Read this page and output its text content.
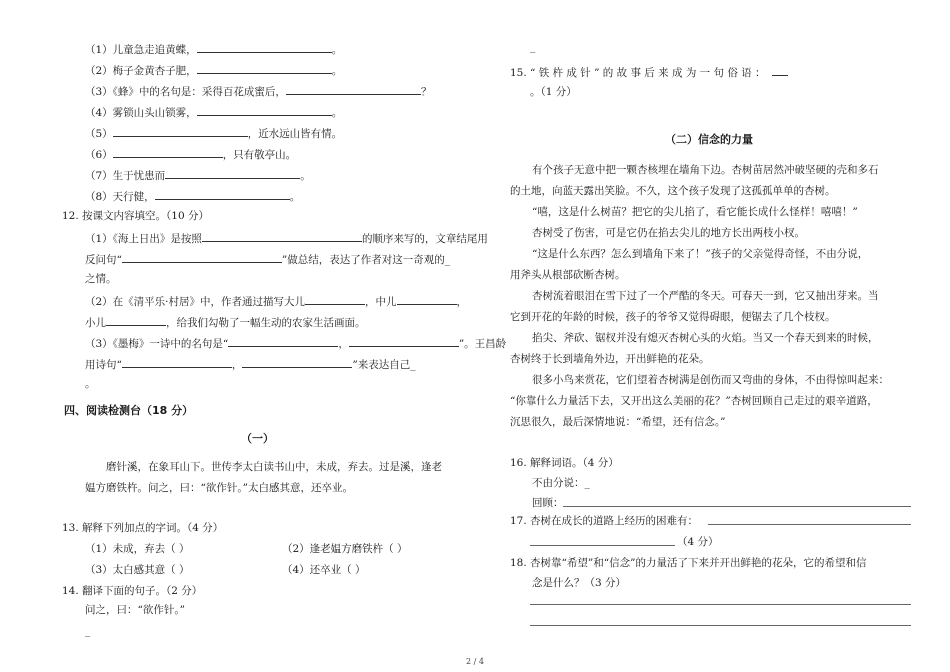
（1）儿童急走追黄蝶，	。
（2）梅子金黄杏子肥，	。
（3）《蜂》中的名句是：采得百花成蜜后，	？
（4）雾锁山头山锁雾，	。
（5）	，近水远山皆有情。
（6）	，只有敬亭山。
（7）生于忧患而	。
（8）天行健，	。
12. 按课文内容填空。（10 分）
（1）《海上日出》是按照	的顺序来写的，文章结尾用
反问句“	”做总结，表达了作者对这一奇观的_
之情。
（2）在《清平乐·村居》中，作者通过描写大儿	，中儿	，
小儿	，给我们勾勒了一幅生动的农家生活画面。
（3）《墨梅》一诗中的名句是“	，	”。王昌龄
用诗句“	，	”来表达自己_
。
四、阅读检测台（18 分）
（一）
磨针溪，在象耳山下。世传李太白读书山中，未成，弃去。过是溪，逢老
媪方磨铁杵。问之，曰：“欲作针。”太白感其意，还卒业。
13. 解释下列加点的字词。（4 分）
（1）未成，弃去（ ）	（2）逢老媪方磨铁杵（ ）
（3）太白感其意（ ）	（4）还卒业（ ）
14. 翻译下面的句子。（2 分）
问之，曰：“欲作针。”
_
_
15. “ 铁 杵 成 针 ” 的 故 事 后 来 成 为 一 句 俗 语 ：
。（1 分）
（二）信念的力量
有个孩子无意中把一颗杏核埋在墙角下边。杏树苗居然冲破坚硬的壳和多石
的土地，向蓝天露出笑脸。不久，这个孩子发现了这孤孤单单的杏树。
“嘻，这是什么树苗？把它的尖儿掐了，看它能长成什么怪样！嘻嘻！”
杏树受了伤害，可是它仍在掐去尖儿的地方长出两枝小杈。
“这是什么东西？怎么到墙角下来了！”孩子的父亲觉得奇怪，不由分说，
用斧头从根部砍断杏树。
杏树流着眼泪在雪下过了一个严酷的冬天。可春天一到，它又抽出芽来。当
它到开花的年龄的时候，孩子的爷爷又觉得碍眼，便锯去了几个枝杈。
掐尖、斧砍、锯杈并没有熄灭杏树心头的火焰。当又一个春天到来的时候，
杏树终于长到墙角外边，开出鲜艳的花朵。
很多小鸟来赏花，它们望着杏树满是创伤而又弯曲的身体，不由得惊叫起来：
“你靠什么力量活下去，又开出这么美丽的花？”杏树回顾自己走过的艰辛道路，
沉思很久，最后深情地说：“希望，还有信念。”
16. 解释词语。（4 分）
不由分说：_
回顾：
17. 杏树在成长的道路上经历的困难有：
（4 分）
18. 杏树靠“希望”和“信念”的力量活了下来并开出鲜艳的花朵，它的希望和信
念是什么？（3 分）
2 / 4
